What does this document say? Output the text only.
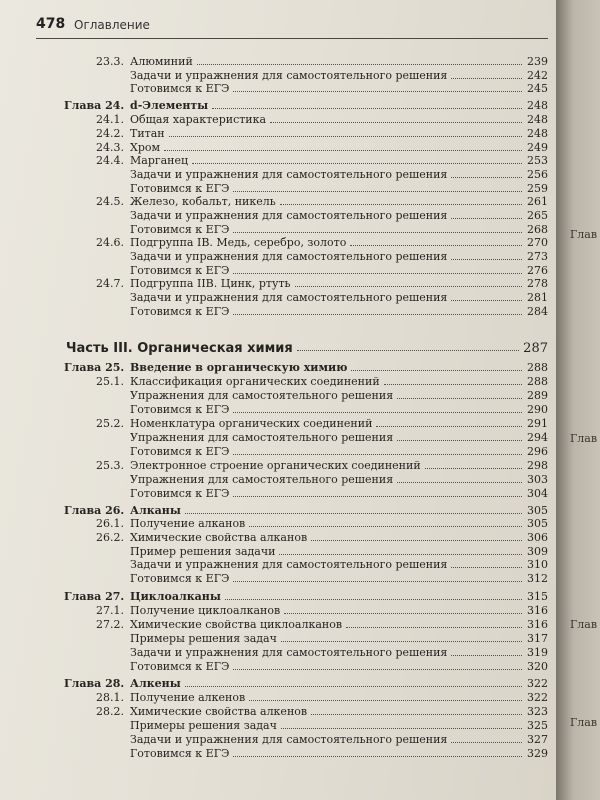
478 Оглавление
23.3. Алюминий	239
Задачи и упражнения для самостоятельного решения	242
Готовимся к ЕГЭ	245
Глава 24. d-Элементы	248
24.1. Общая характеристика	248
24.2. Титан	248
24.3. Хром	249
24.4. Марганец	253
Задачи и упражнения для самостоятельного решения	256
Готовимся к ЕГЭ	259
24.5. Железо, кобальт, никель	261
Задачи и упражнения для самостоятельного решения	265
Готовимся к ЕГЭ	268
24.6. Подгруппа IB. Медь, серебро, золото	270
Задачи и упражнения для самостоятельного решения	273
Готовимся к ЕГЭ	276
24.7. Подгруппа IIB. Цинк, ртуть	278
Задачи и упражнения для самостоятельного решения	281
Готовимся к ЕГЭ	284
Часть III. Органическая химия	287
Глава 25. Введение в органическую химию	288
25.1. Классификация органических соединений	288
Упражнения для самостоятельного решения	289
Готовимся к ЕГЭ	290
25.2. Номенклатура органических соединений	291
Упражнения для самостоятельного решения	294
Готовимся к ЕГЭ	296
25.3. Электронное строение органических соединений	298
Упражнения для самостоятельного решения	303
Готовимся к ЕГЭ	304
Глава 26. Алканы	305
26.1. Получение алканов	305
26.2. Химические свойства алканов	306
Пример решения задачи	309
Задачи и упражнения для самостоятельного решения	310
Готовимся к ЕГЭ	312
Глава 27. Циклоалканы	315
27.1. Получение циклоалканов	316
27.2. Химические свойства циклоалканов	316
Примеры решения задач	317
Задачи и упражнения для самостоятельного решения	319
Готовимся к ЕГЭ	320
Глава 28. Алкены	322
28.1. Получение алкенов	322
28.2. Химические свойства алкенов	323
Примеры решения задач	325
Задачи и упражнения для самостоятельного решения	327
Готовимся к ЕГЭ	329
Глав
Глав
Глав
Глав
